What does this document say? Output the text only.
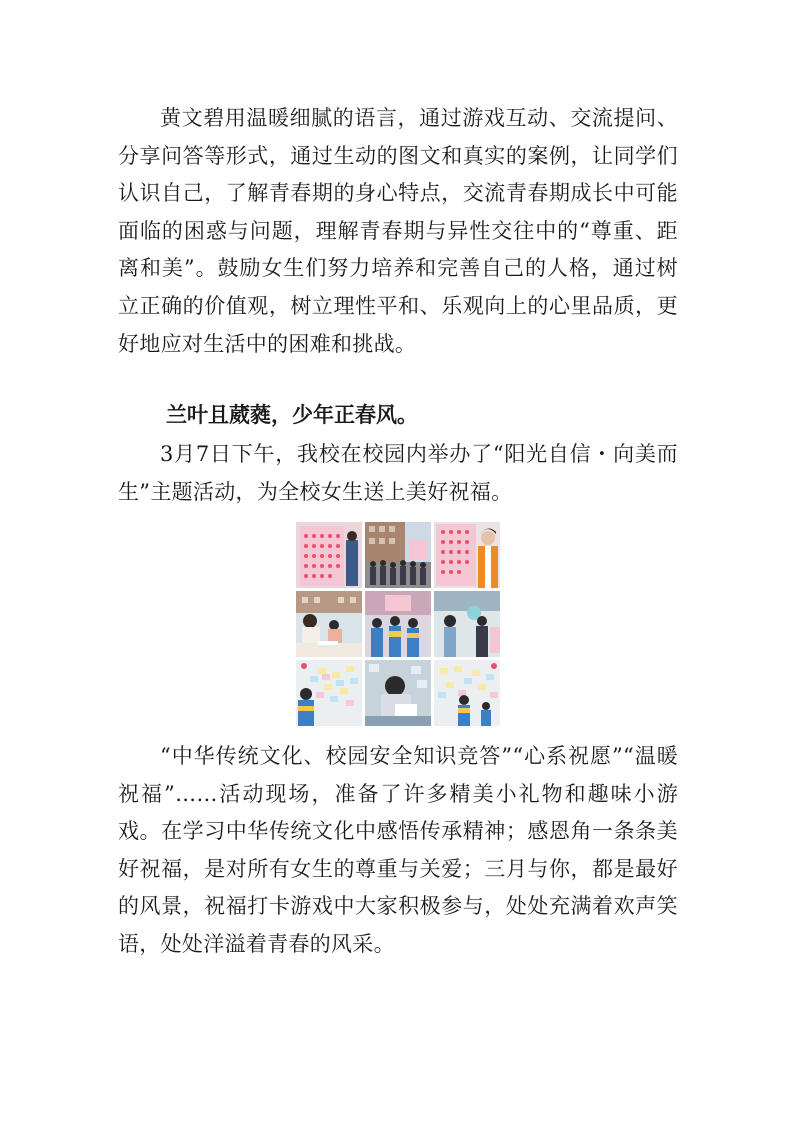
黄文碧用温暖细腻的语言，通过游戏互动、交流提问、分享问答等形式，通过生动的图文和真实的案例，让同学们认识自己，了解青春期的身心特点，交流青春期成长中可能面临的困惑与问题，理解青春期与异性交往中的“尊重、距离和美”。鼓励女生们努力培养和完善自己的人格，通过树立正确的价值观，树立理性平和、乐观向上的心里品质，更好地应对生活中的困难和挑战。

兰叶且葳蕤，少年正春风。

3月7日下午，我校在校园内举办了“阳光自信・向美而生”主题活动，为全校女生送上美好祝福。

“中华传统文化、校园安全知识竞答”“心系祝愿”“温暖祝福”……活动现场，准备了许多精美小礼物和趣味小游戏。在学习中华传统文化中感悟传承精神；感恩角一条条美好祝福，是对所有女生的尊重与关爱；三月与你，都是最好的风景，祝福打卡游戏中大家积极参与，处处充满着欢声笑语，处处洋溢着青春的风采。
